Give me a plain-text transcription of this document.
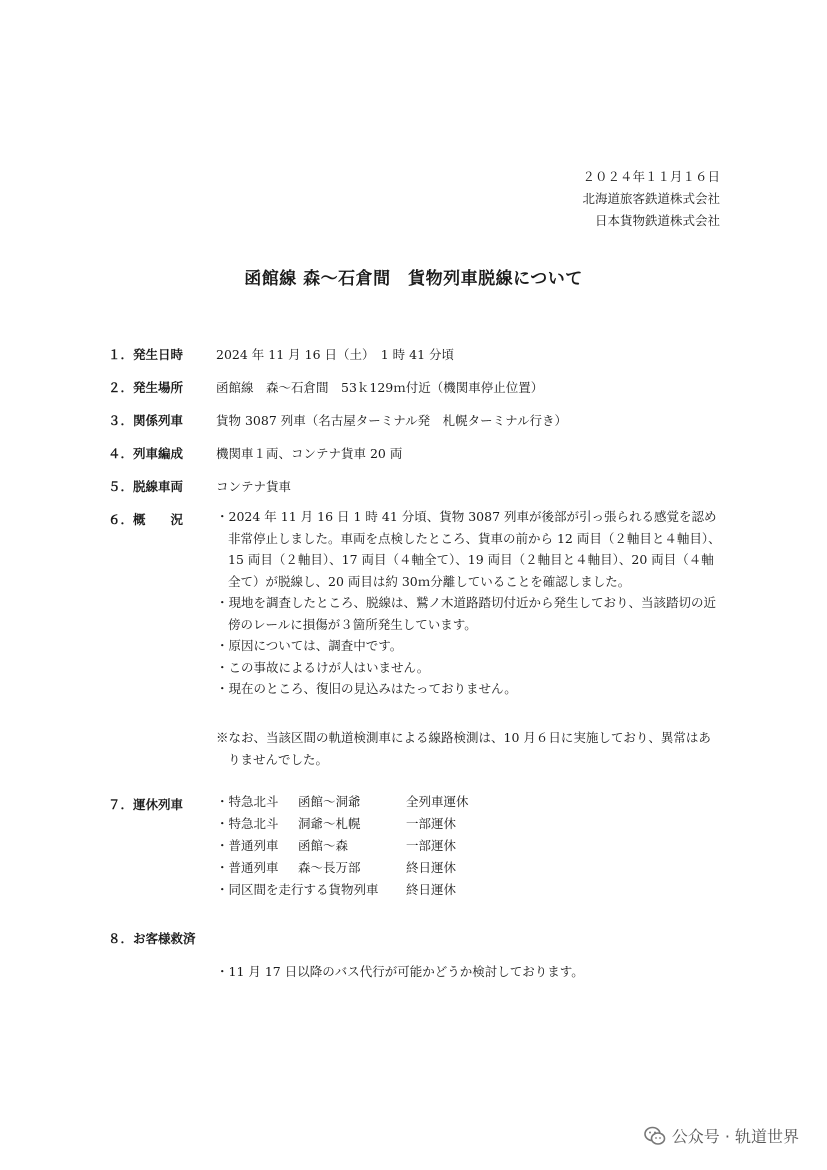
２０２４年１１月１６日
北海道旅客鉄道株式会社
日本貨物鉄道株式会社
函館線 森～石倉間　貨物列車脱線について
１．発生日時	2024 年 11 月 16 日（土）　1 時 41 分頃
２．発生場所	函館線　森～石倉間　53ｋ129ｍ付近（機関車停止位置）
３．関係列車	貨物 3087 列車（名古屋ターミナル発　札幌ターミナル行き）
４．列車編成	機関車１両、コンテナ貨車 20 両
５．脱線車両	コンテナ貨車
６．概　　況	・2024 年 11 月 16 日 1 時 41 分頃、貨物 3087 列車が後部が引っ張られる感覚を認め非常停止しました。車両を点検したところ、貨車の前から 12 両目（２軸目と４軸目）、15 両目（２軸目）、17 両目（４軸全て）、19 両目（２軸目と４軸目）、20 両目（４軸全て）が脱線し、20 両目は約 30ｍ分離していることを確認しました。

・現地を調査したところ、脱線は、鷲ノ木道路踏切付近から発生しており、当該踏切の近傍のレールに損傷が３箇所発生しています。

・原因については、調査中です。

・この事故によるけが人はいません。

・現在のところ、復旧の見込みはたっておりません。

※なお、当該区間の軌道検測車による線路検測は、10 月６日に実施しており、異常はありませんでした。
７．運休列車	・特急北斗	函館～洞爺	全列車運休
・特急北斗	洞爺～札幌	一部運休
・普通列車	函館～森	一部運休
・普通列車	森～長万部	終日運休
・同区間を走行する貨物列車	終日運休
８．お客様救済
・11 月 17 日以降のバス代行が可能かどうか検討しております。
公众号 · 轨道世界
